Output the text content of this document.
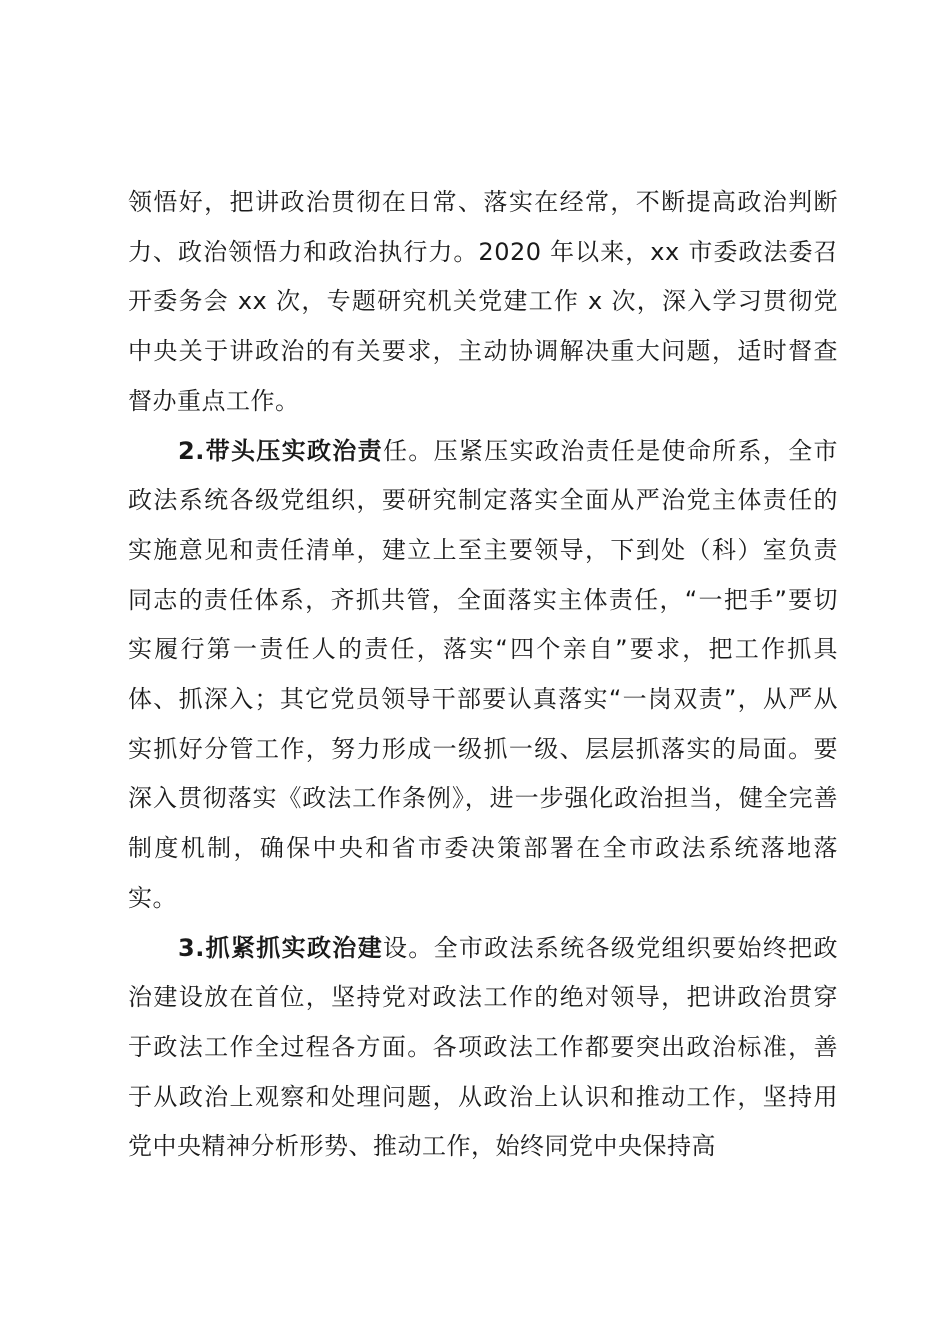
领悟好，把讲政治贯彻在日常、落实在经常，不断提高政治判断力、政治领悟力和政治执行力。2020 年以来，xx 市委政法委召开委务会 xx 次，专题研究机关党建工作 x 次，深入学习贯彻党中央关于讲政治的有关要求，主动协调解决重大问题，适时督查督办重点工作。

2.带头压实政治责任。压紧压实政治责任是使命所系，全市政法系统各级党组织，要研究制定落实全面从严治党主体责任的实施意见和责任清单，建立上至主要领导，下到处（科）室负责同志的责任体系，齐抓共管，全面落实主体责任，“一把手”要切实履行第一责任人的责任，落实“四个亲自”要求，把工作抓具体、抓深入；其它党员领导干部要认真落实“一岗双责”，从严从实抓好分管工作，努力形成一级抓一级、层层抓落实的局面。要深入贯彻落实《政法工作条例》，进一步强化政治担当，健全完善制度机制，确保中央和省市委决策部署在全市政法系统落地落实。

3.抓紧抓实政治建设。全市政法系统各级党组织要始终把政治建设放在首位，坚持党对政法工作的绝对领导，把讲政治贯穿于政法工作全过程各方面。各项政法工作都要突出政治标准，善于从政治上观察和处理问题，从政治上认识和推动工作，坚持用党中央精神分析形势、推动工作，始终同党中央保持高
